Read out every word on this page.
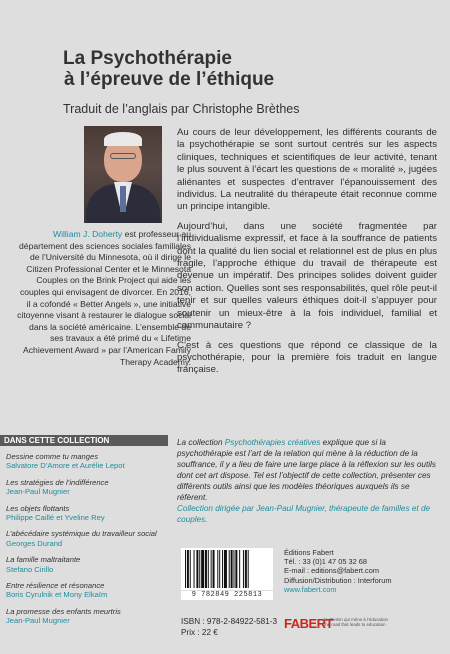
La Psychothérapie
à l’épreuve de l’éthique
Traduit de l’anglais par Christophe Brèthes
William J. Doherty est professeur au département des sciences sociales familiales de l’Université du Minnesota, où il dirige le Citizen Professional Center et le Minnesota Couples on the Brink Project qui aide les couples qui envisagent de divorcer. En 2016, il a cofondé « Better Angels », une initiative citoyenne visant à restaurer le dialogue social dans la société américaine. L’ensemble de ses travaux a été primé du « Lifetime Achievement Award » par l’American Family Therapy Academy.

Au cours de leur développement, les différents courants de la psychothérapie se sont surtout centrés sur les aspects cliniques, techniques et scientifiques de leur activité, tenant le plus souvent à l’écart les questions de « moralité », jugées aliénantes et suspectes d’entraver l’épanouissement des individus. La neutralité du thérapeute était reconnue comme un principe intangible.

Aujourd’hui, dans une société fragmentée par l’individualisme expressif, et face à la souffrance de patients dont la qualité du lien social et relationnel est de plus en plus fragile, l’approche éthique du travail de thérapeute est devenue un impératif. Des principes solides doivent guider son action. Quelles sont ses responsabilités, quel rôle peut-il tenir et sur quelles valeurs éthiques doit-il s’appuyer pour soutenir un mieux-être à la fois individuel, familial et communautaire ?

C’est à ces questions que répond ce classique de la psychothérapie, pour la première fois traduit en langue française.

DANS CETTE COLLECTION
Dessine comme tu manges
Salvatore D’Amore et Aurélie Lepot
Les stratégies de l’indifférence
Jean-Paul Mugnier
Les objets flottants
Philippe Caillé et Yveline Rey
L’abécédaire systémique du travailleur social
Georges Durand
La famille maltraitante
Stefano Cirillo
Entre résilience et résonance
Boris Cyrulnik et Mony Elkaïm
La promesse des enfants meurtris
Jean-Paul Mugnier
La collection Psychothérapies créatives explique que si la psychothérapie est l’art de la relation qui mène à la réduction de la souffrance, il y a lieu de faire une large place à la réflexion sur les outils dont cet art dispose. Tel est l’objectif de cette collection, présenter ces différents outils ainsi que les modèles théoriques auxquels ils se réfèrent.
Collection dirigée par Jean-Paul Mugnier, thérapeute de familles et de couples.
9 782849 225813
ISBN : 978-2-84922-581-3
Prix : 22 €
Éditions Fabert
Tél. : 33 (0)1 47 05 32 68
E-mail : editions@fabert.com
Diffusion/Distribution : Interforum
www.fabert.com
FABERT
le chemin qui mène à l’éducation
the road that leads to education
